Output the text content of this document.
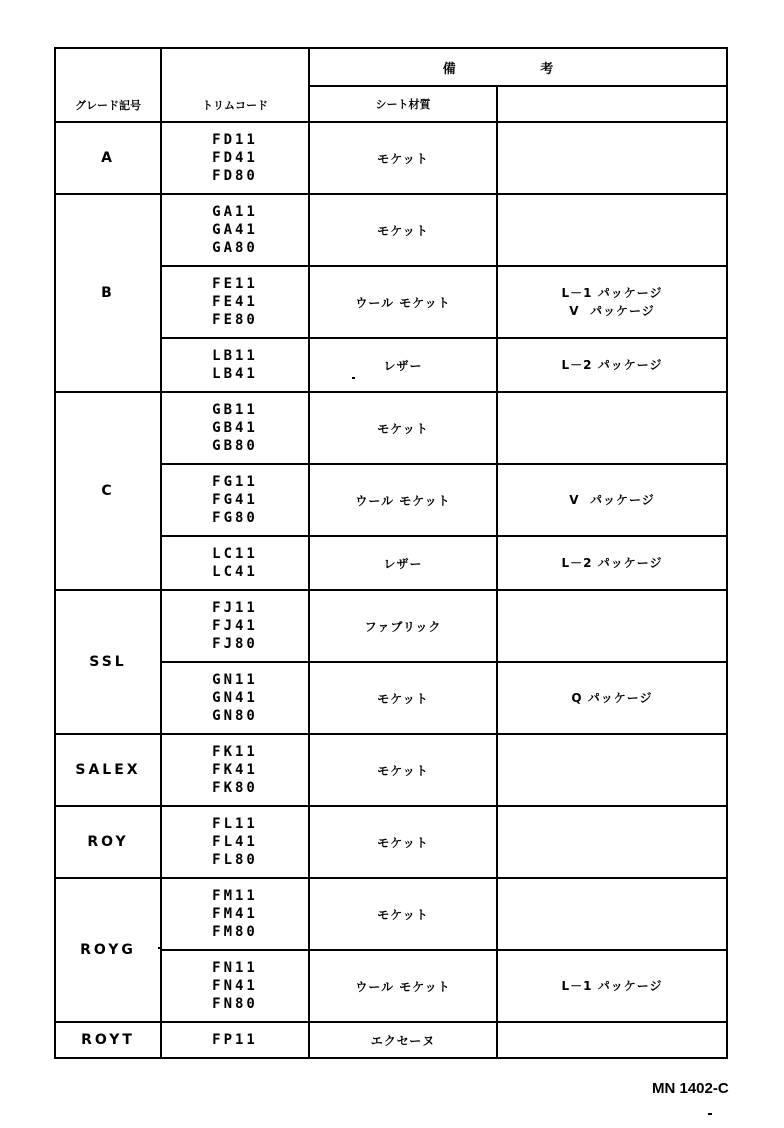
グレード記号	トリムコード	備 考	
		シート材質	
A	FD11
FD41
FD80	モケット	
B	GA11
GA41
GA80	モケット	

	FE11
FE41
FE80	ウール モケット	L－1 パッケージ
V  パッケージ

	LB11
LB41	レザー	L－2 パッケージ

C	GB11
GB41
GB80	モケット	

	FG11
FG41
FG80	ウール モケット	V  パッケージ

	LC11
LC41	レザー	L－2 パッケージ

SSL	FJ11
FJ41
FJ80	ファブリック	

	GN11
GN41
GN80	モケット	Q パッケージ

SALEX	FK11
FK41
FK80	モケット	
ROY	FL11
FL41
FL80	モケット	
ROYG	FM11
FM41
FM80	モケット	

	FN11
FN41
FN80	ウール モケット	L－1 パッケージ

ROYT	FP11	エクセーヌ	
MN 1402-C
